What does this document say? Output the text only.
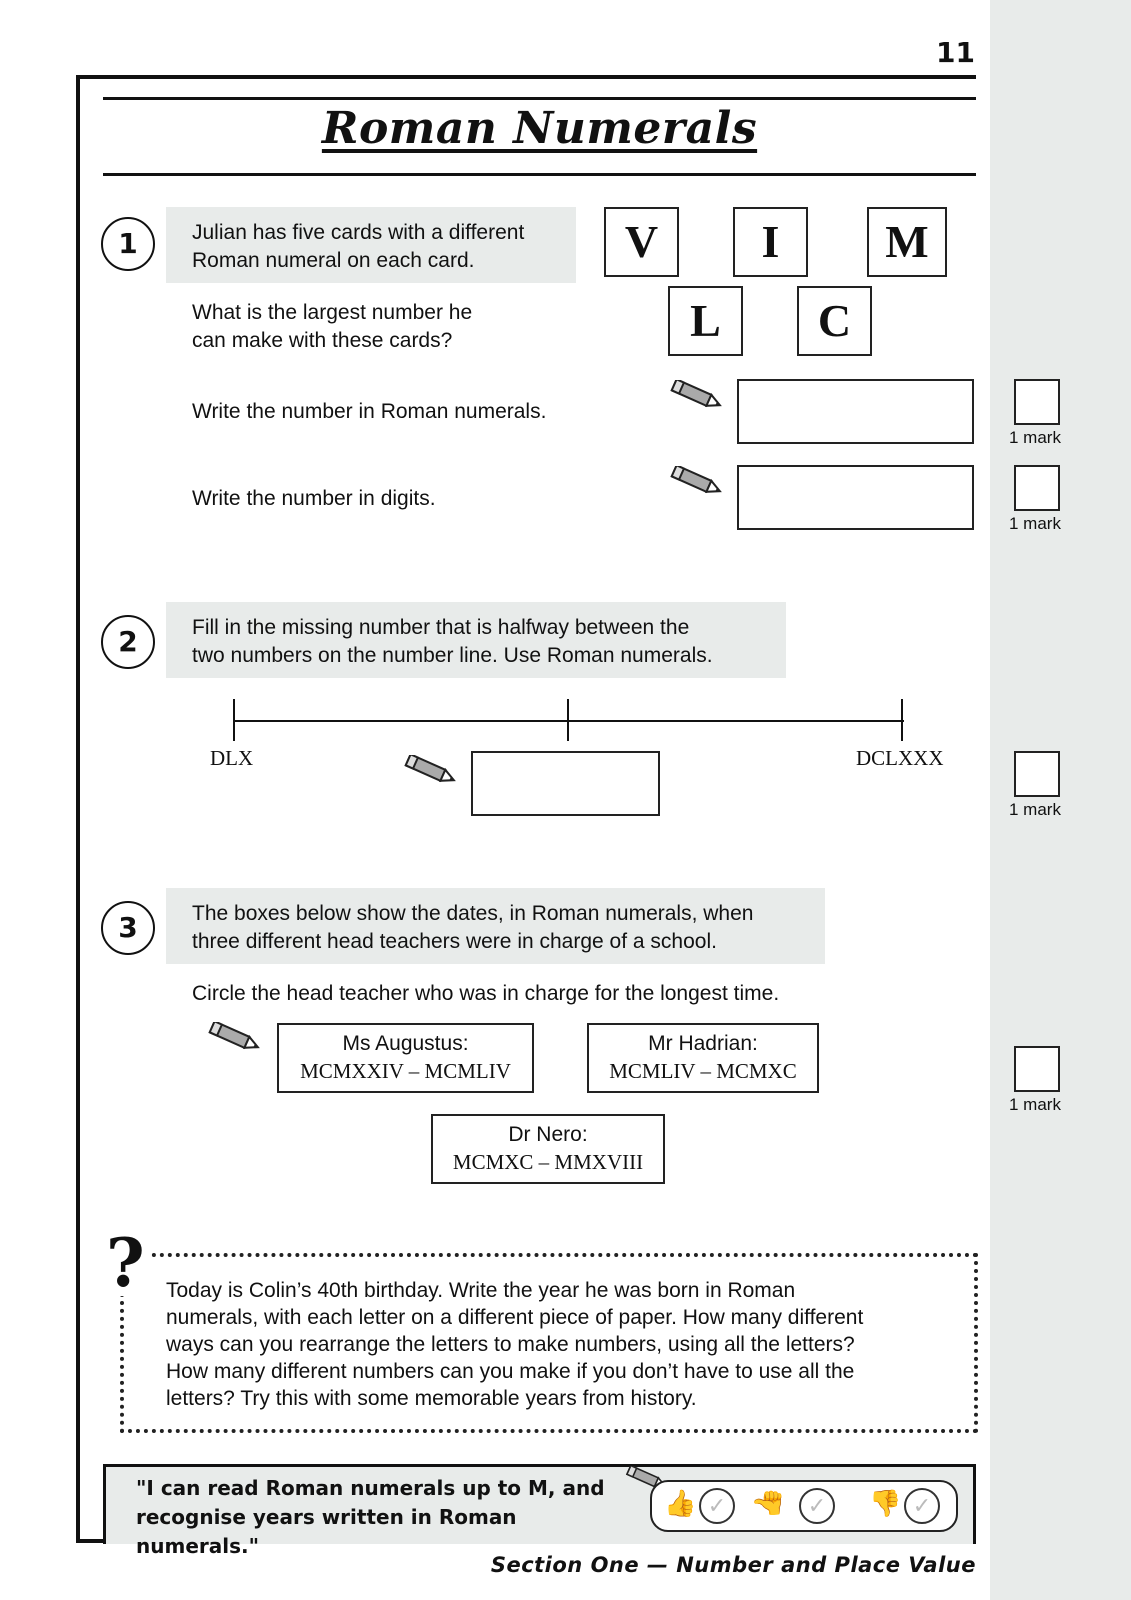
11
Roman Numerals
1	Julian has five cards with a different
Roman numeral on each card.
What is the largest number he
can make with these cards?
V	I	M
L	C
Write the number in Roman numerals.
1 mark
Write the number in digits.
1 mark
2	Fill in the missing number that is halfway between the
two numbers on the number line. Use Roman numerals.
DLX	DCLXXX
1 mark
3	The boxes below show the dates, in Roman numerals, when
three different head teachers were in charge of a school.
Circle the head teacher who was in charge for the longest time.
Ms Augustus:
MCMXXIV – MCMLIV
Mr Hadrian:
MCMLIV – MCMXC
Dr Nero:
MCMXC – MMXVIII
1 mark
? Today is Colin’s 40th birthday. Write the year he was born in Roman
numerals, with each letter on a different piece of paper. How many different
ways can you rearrange the letters to make numbers, using all the letters?
How many different numbers can you make if you don’t have to use all the
letters? Try this with some memorable years from history.
"I can read Roman numerals up to M, and
recognise years written in Roman numerals."
👍 ✓	👍	✓	👎 ✓
Section One — Number and Place Value
